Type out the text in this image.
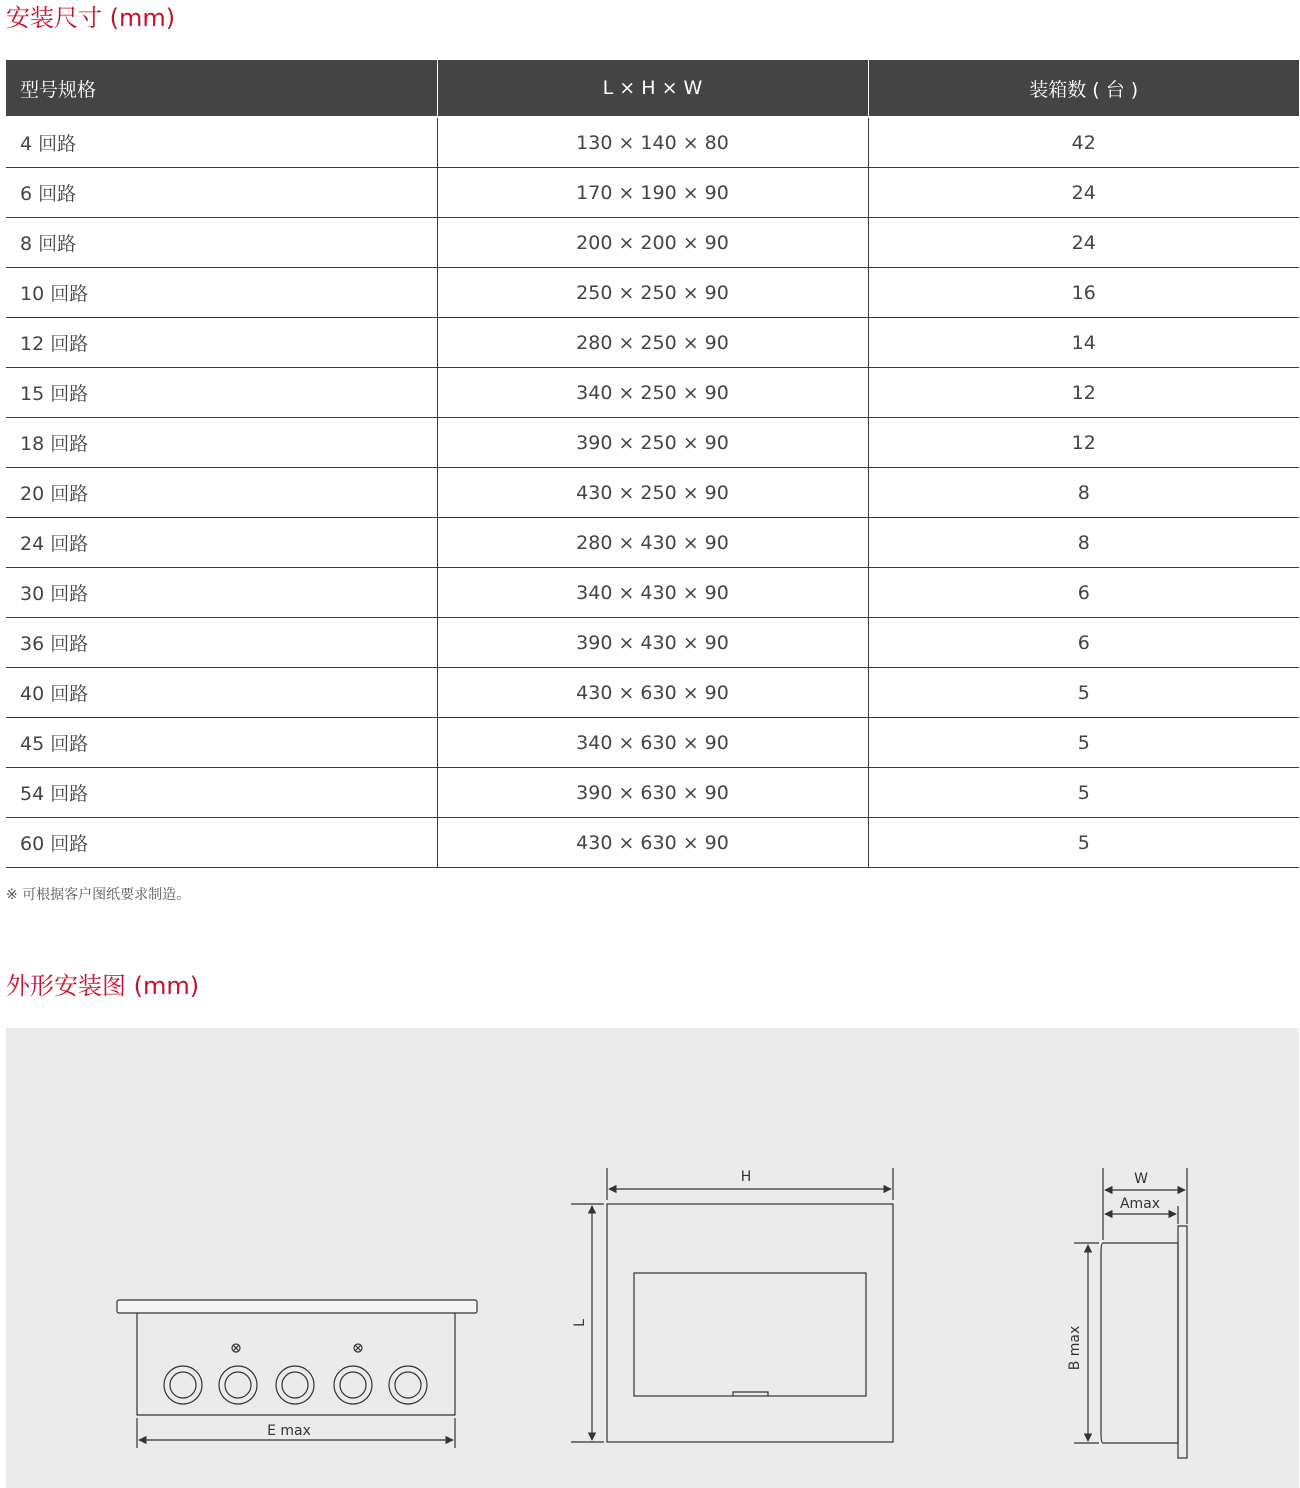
安装尺寸 (mm)
型号规格	L × H × W	装箱数 ( 台 )
4 回路	130 × 140 × 80	42
6 回路	170 × 190 × 90	24
8 回路	200 × 200 × 90	24
10 回路	250 × 250 × 90	16
12 回路	280 × 250 × 90	14
15 回路	340 × 250 × 90	12
18 回路	390 × 250 × 90	12
20 回路	430 × 250 × 90	8
24 回路	280 × 430 × 90	8
30 回路	340 × 430 × 90	6
36 回路	390 × 430 × 90	6
40 回路	430 × 630 × 90	5
45 回路	340 × 630 × 90	5
54 回路	390 × 630 × 90	5
60 回路	430 × 630 × 90	5

※ 可根据客户图纸要求制造。

外形安装图 (mm)
E max
H
L
W
Amax
B max
